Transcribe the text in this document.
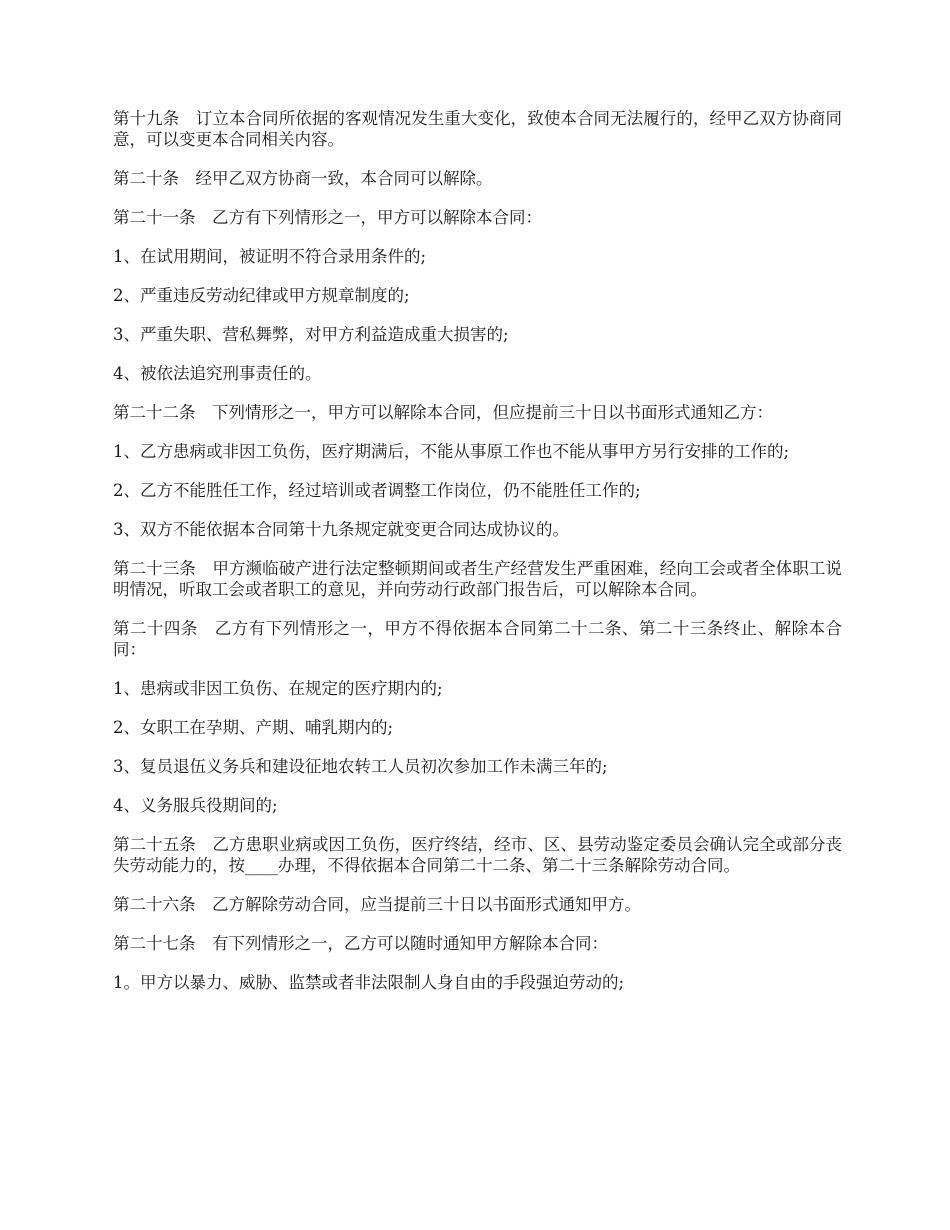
第十九条　订立本合同所依据的客观情况发生重大变化，致使本合同无法履行的，经甲乙双方协商同意，可以变更本合同相关内容。

第二十条　经甲乙双方协商一致，本合同可以解除。

第二十一条　乙方有下列情形之一，甲方可以解除本合同：

1、在试用期间，被证明不符合录用条件的;

2、严重违反劳动纪律或甲方规章制度的;

3、严重失职、营私舞弊，对甲方利益造成重大损害的;

4、被依法追究刑事责任的。

第二十二条　下列情形之一，甲方可以解除本合同，但应提前三十日以书面形式通知乙方：

1、乙方患病或非因工负伤，医疗期满后，不能从事原工作也不能从事甲方另行安排的工作的;

2、乙方不能胜任工作，经过培训或者调整工作岗位，仍不能胜任工作的;

3、双方不能依据本合同第十九条规定就变更合同达成协议的。

第二十三条　甲方濒临破产进行法定整顿期间或者生产经营发生严重困难，经向工会或者全体职工说明情况，听取工会或者职工的意见，并向劳动行政部门报告后，可以解除本合同。

第二十四条　乙方有下列情形之一，甲方不得依据本合同第二十二条、第二十三条终止、解除本合同：

1、患病或非因工负伤、在规定的医疗期内的;

2、女职工在孕期、产期、哺乳期内的;

3、复员退伍义务兵和建设征地农转工人员初次参加工作未满三年的;

4、义务服兵役期间的;

第二十五条　乙方患职业病或因工负伤，医疗终结，经市、区、县劳动鉴定委员会确认完全或部分丧失劳动能力的，按____办理，不得依据本合同第二十二条、第二十三条解除劳动合同。

第二十六条　乙方解除劳动合同，应当提前三十日以书面形式通知甲方。

第二十七条　有下列情形之一，乙方可以随时通知甲方解除本合同：

1。甲方以暴力、威胁、监禁或者非法限制人身自由的手段强迫劳动的;
